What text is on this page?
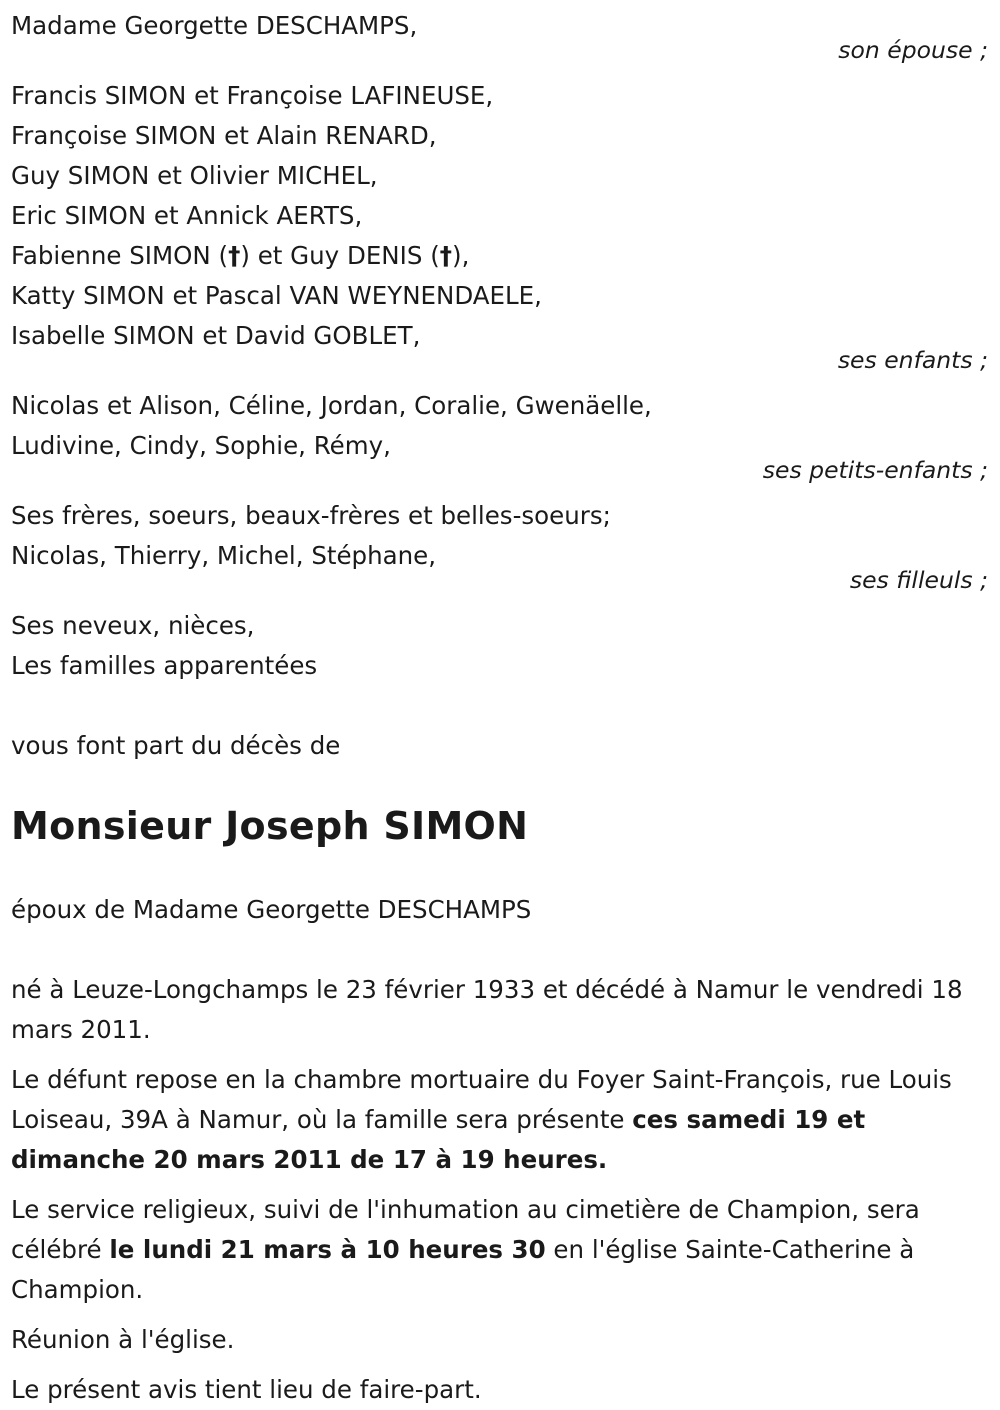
Madame Georgette DESCHAMPS,
son épouse ;
Francis SIMON et Françoise LAFINEUSE,
Françoise SIMON et Alain RENARD,
Guy SIMON et Olivier MICHEL,
Eric SIMON et Annick AERTS,
Fabienne SIMON (†) et Guy DENIS (†),
Katty SIMON et Pascal VAN WEYNENDAELE,
Isabelle SIMON et David GOBLET,
ses enfants ;
Nicolas et Alison, Céline, Jordan, Coralie, Gwenäelle,
Ludivine, Cindy, Sophie, Rémy,
ses petits-enfants ;
Ses frères, soeurs, beaux-frères et belles-soeurs;
Nicolas, Thierry, Michel, Stéphane,
ses filleuls ;
Ses neveux, nièces,
Les familles apparentées
vous font part du décès de
Monsieur Joseph SIMON
époux de Madame Georgette DESCHAMPS
né à Leuze-Longchamps le 23 février 1933 et décédé à Namur le vendredi 18 mars 2011.
Le défunt repose en la chambre mortuaire du Foyer Saint-François, rue Louis Loiseau, 39A à Namur, où la famille sera présente ces samedi 19 et dimanche 20 mars 2011 de 17 à 19 heures.
Le service religieux, suivi de l'inhumation au cimetière de Champion, sera célébré le lundi 21 mars à 10 heures 30 en l'église Sainte-Catherine à Champion.
Réunion à l'église.
Le présent avis tient lieu de faire-part.
